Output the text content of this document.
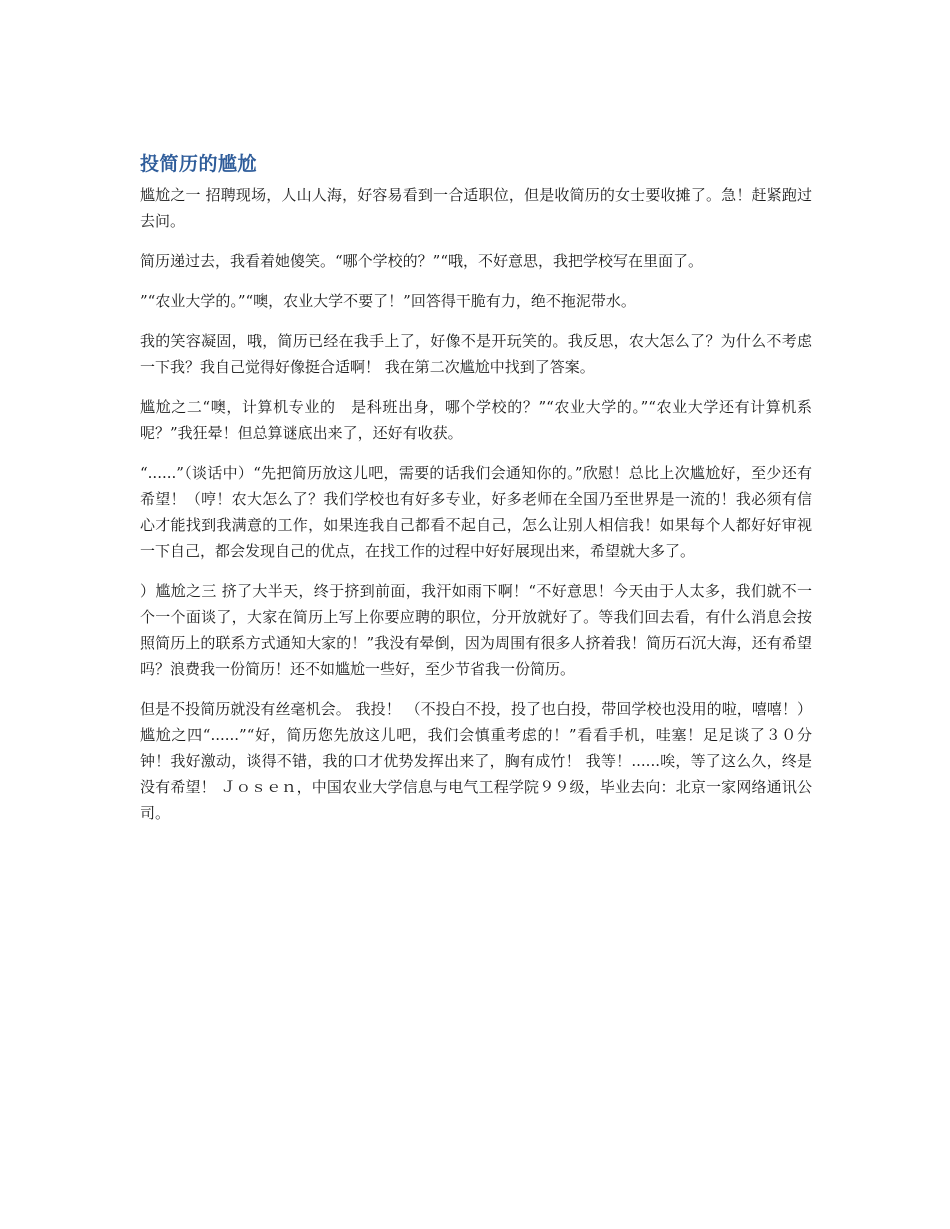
投简历的尴尬

尴尬之一 招聘现场，人山人海，好容易看到一合适职位，但是收简历的女士要收摊了。急！赶紧跑过去问。

简历递过去，我看着她傻笑。“哪个学校的？”“哦，不好意思，我把学校写在里面了。

”“农业大学的。”“噢，农业大学不要了！”回答得干脆有力，绝不拖泥带水。

我的笑容凝固，哦，简历已经在我手上了，好像不是开玩笑的。我反思，农大怎么了？为什么不考虑一下我？我自己觉得好像挺合适啊！ 我在第二次尴尬中找到了答案。

尴尬之二“噢，计算机专业的　是科班出身，哪个学校的？”“农业大学的。”“农业大学还有计算机系呢？”我狂晕！但总算谜底出来了，还好有收获。

“......”（谈话中）“先把简历放这儿吧，需要的话我们会通知你的。”欣慰！总比上次尴尬好，至少还有希望！（哼！农大怎么了？我们学校也有好多专业，好多老师在全国乃至世界是一流的！我必须有信心才能找到我满意的工作，如果连我自己都看不起自己，怎么让别人相信我！如果每个人都好好审视一下自己，都会发现自己的优点，在找工作的过程中好好展现出来，希望就大多了。

）尴尬之三 挤了大半天，终于挤到前面，我汗如雨下啊！“不好意思！今天由于人太多，我们就不一个一个面谈了，大家在简历上写上你要应聘的职位，分开放就好了。等我们回去看，有什么消息会按照简历上的联系方式通知大家的！”我没有晕倒，因为周围有很多人挤着我！简历石沉大海，还有希望吗？浪费我一份简历！还不如尴尬一些好，至少节省我一份简历。

但是不投简历就没有丝毫机会。 我投！ （不投白不投，投了也白投，带回学校也没用的啦，嘻嘻！） 尴尬之四“......”“好，简历您先放这儿吧，我们会慎重考虑的！”看看手机，哇塞！足足谈了３０分钟！我好激动，谈得不错，我的口才优势发挥出来了，胸有成竹！ 我等！......唉，等了这么久，终是没有希望！ Ｊｏｓｅｎ，中国农业大学信息与电气工程学院９９级，毕业去向：北京一家网络通讯公司。
